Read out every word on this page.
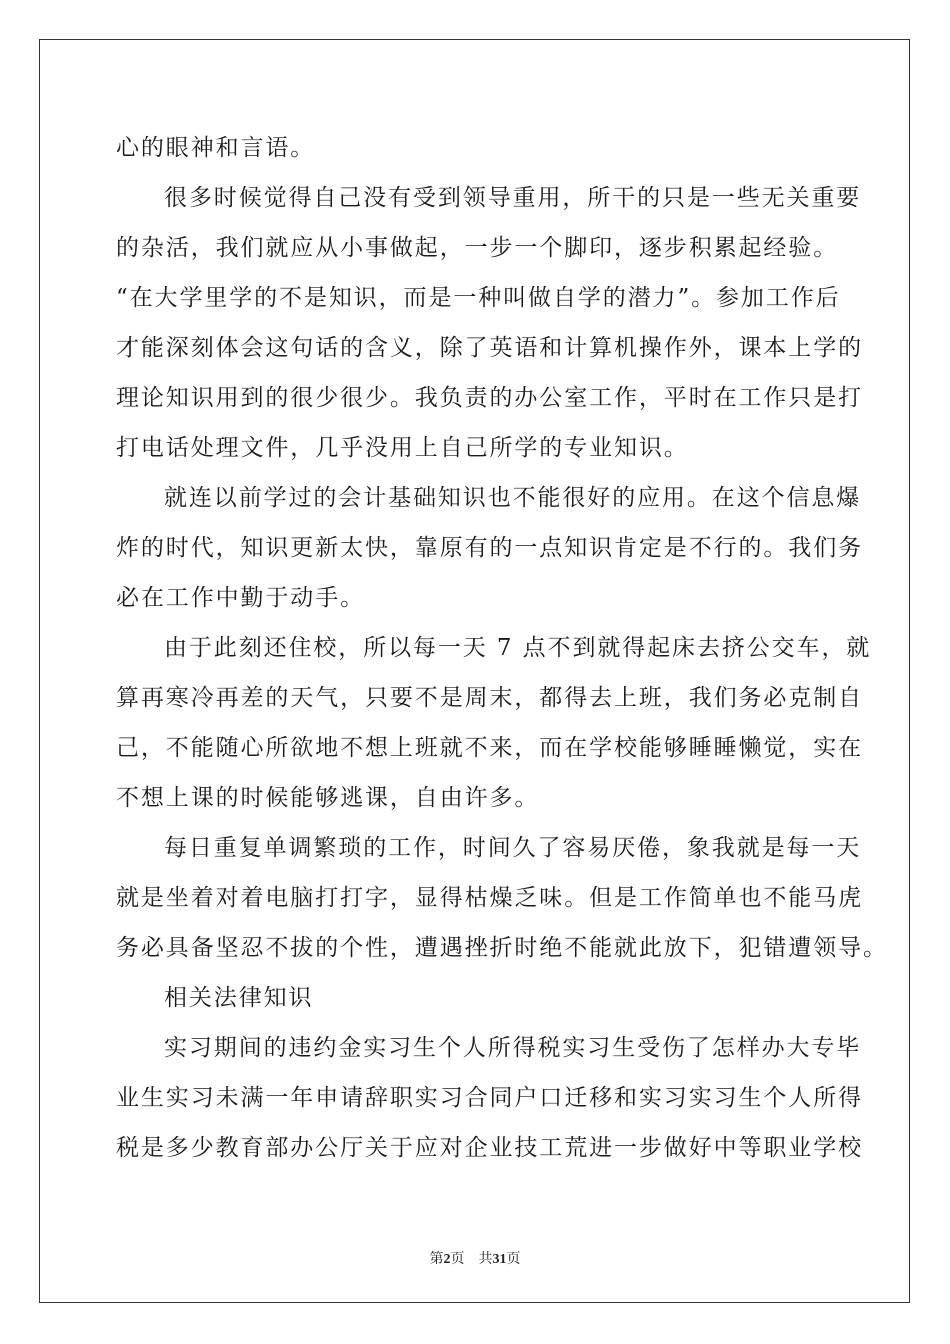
心的眼神和言语。
很多时候觉得自己没有受到领导重用，所干的只是一些无关重要
的杂活，我们就应从小事做起，一步一个脚印，逐步积累起经验。
“在大学里学的不是知识，而是一种叫做自学的潜力”。参加工作后
才能深刻体会这句话的含义，除了英语和计算机操作外，课本上学的
理论知识用到的很少很少。我负责的办公室工作，平时在工作只是打
打电话处理文件，几乎没用上自己所学的专业知识。
就连以前学过的会计基础知识也不能很好的应用。在这个信息爆
炸的时代，知识更新太快，靠原有的一点知识肯定是不行的。我们务
必在工作中勤于动手。
由于此刻还住校，所以每一天 7 点不到就得起床去挤公交车，就
算再寒冷再差的天气，只要不是周末，都得去上班，我们务必克制自
己，不能随心所欲地不想上班就不来，而在学校能够睡睡懒觉，实在
不想上课的时候能够逃课，自由许多。
每日重复单调繁琐的工作，时间久了容易厌倦，象我就是每一天
就是坐着对着电脑打打字，显得枯燥乏味。但是工作简单也不能马虎
务必具备坚忍不拔的个性，遭遇挫折时绝不能就此放下，犯错遭领导。
相关法律知识
实习期间的违约金实习生个人所得税实习生受伤了怎样办大专毕
业生实习未满一年申请辞职实习合同户口迁移和实习实习生个人所得
税是多少教育部办公厅关于应对企业技工荒进一步做好中等职业学校
第2页 共31页
